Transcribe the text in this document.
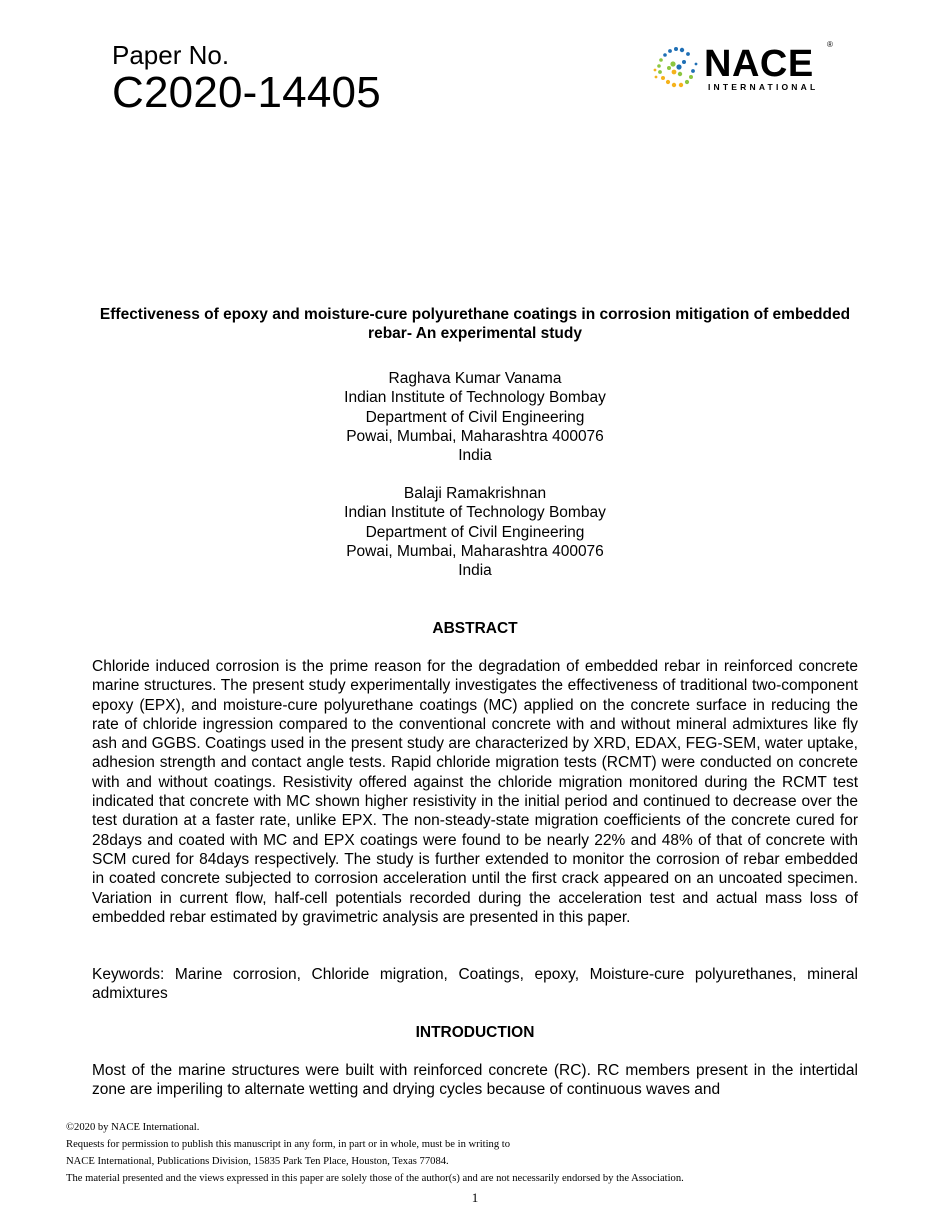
Paper No.
C2020-14405
NACE ®
INTERNATIONAL
Effectiveness of epoxy and moisture-cure polyurethane coatings in corrosion mitigation of embedded rebar- An experimental study
Raghava Kumar Vanama
Indian Institute of Technology Bombay
Department of Civil Engineering
Powai, Mumbai, Maharashtra 400076
India
Balaji Ramakrishnan
Indian Institute of Technology Bombay
Department of Civil Engineering
Powai, Mumbai, Maharashtra 400076
India
ABSTRACT

Chloride induced corrosion is the prime reason for the degradation of embedded rebar in reinforced concrete marine structures. The present study experimentally investigates the effectiveness of traditional two-component epoxy (EPX), and moisture-cure polyurethane coatings (MC) applied on the concrete surface in reducing the rate of chloride ingression compared to the conventional concrete with and without mineral admixtures like fly ash and GGBS. Coatings used in the present study are characterized by XRD, EDAX, FEG-SEM, water uptake, adhesion strength and contact angle tests. Rapid chloride migration tests (RCMT) were conducted on concrete with and without coatings. Resistivity offered against the chloride migration monitored during the RCMT test indicated that concrete with MC shown higher resistivity in the initial period and continued to decrease over the test duration at a faster rate, unlike EPX. The non-steady-state migration coefficients of the concrete cured for 28days and coated with MC and EPX coatings were found to be nearly 22% and 48% of that of concrete with SCM cured for 84days respectively. The study is further extended to monitor the corrosion of rebar embedded in coated concrete subjected to corrosion acceleration until the first crack appeared on an uncoated specimen. Variation in current flow, half-cell potentials recorded during the acceleration test and actual mass loss of embedded rebar estimated by gravimetric analysis are presented in this paper.

Keywords: Marine corrosion, Chloride migration, Coatings, epoxy, Moisture-cure polyurethanes, mineral admixtures

INTRODUCTION

Most of the marine structures were built with reinforced concrete (RC). RC members present in the intertidal zone are imperiling to alternate wetting and drying cycles because of continuous waves and

©2020 by NACE International.
Requests for permission to publish this manuscript in any form, in part or in whole, must be in writing to
NACE International, Publications Division, 15835 Park Ten Place, Houston, Texas 77084.
The material presented and the views expressed in this paper are solely those of the author(s) and are not necessarily endorsed by the Association.
1
